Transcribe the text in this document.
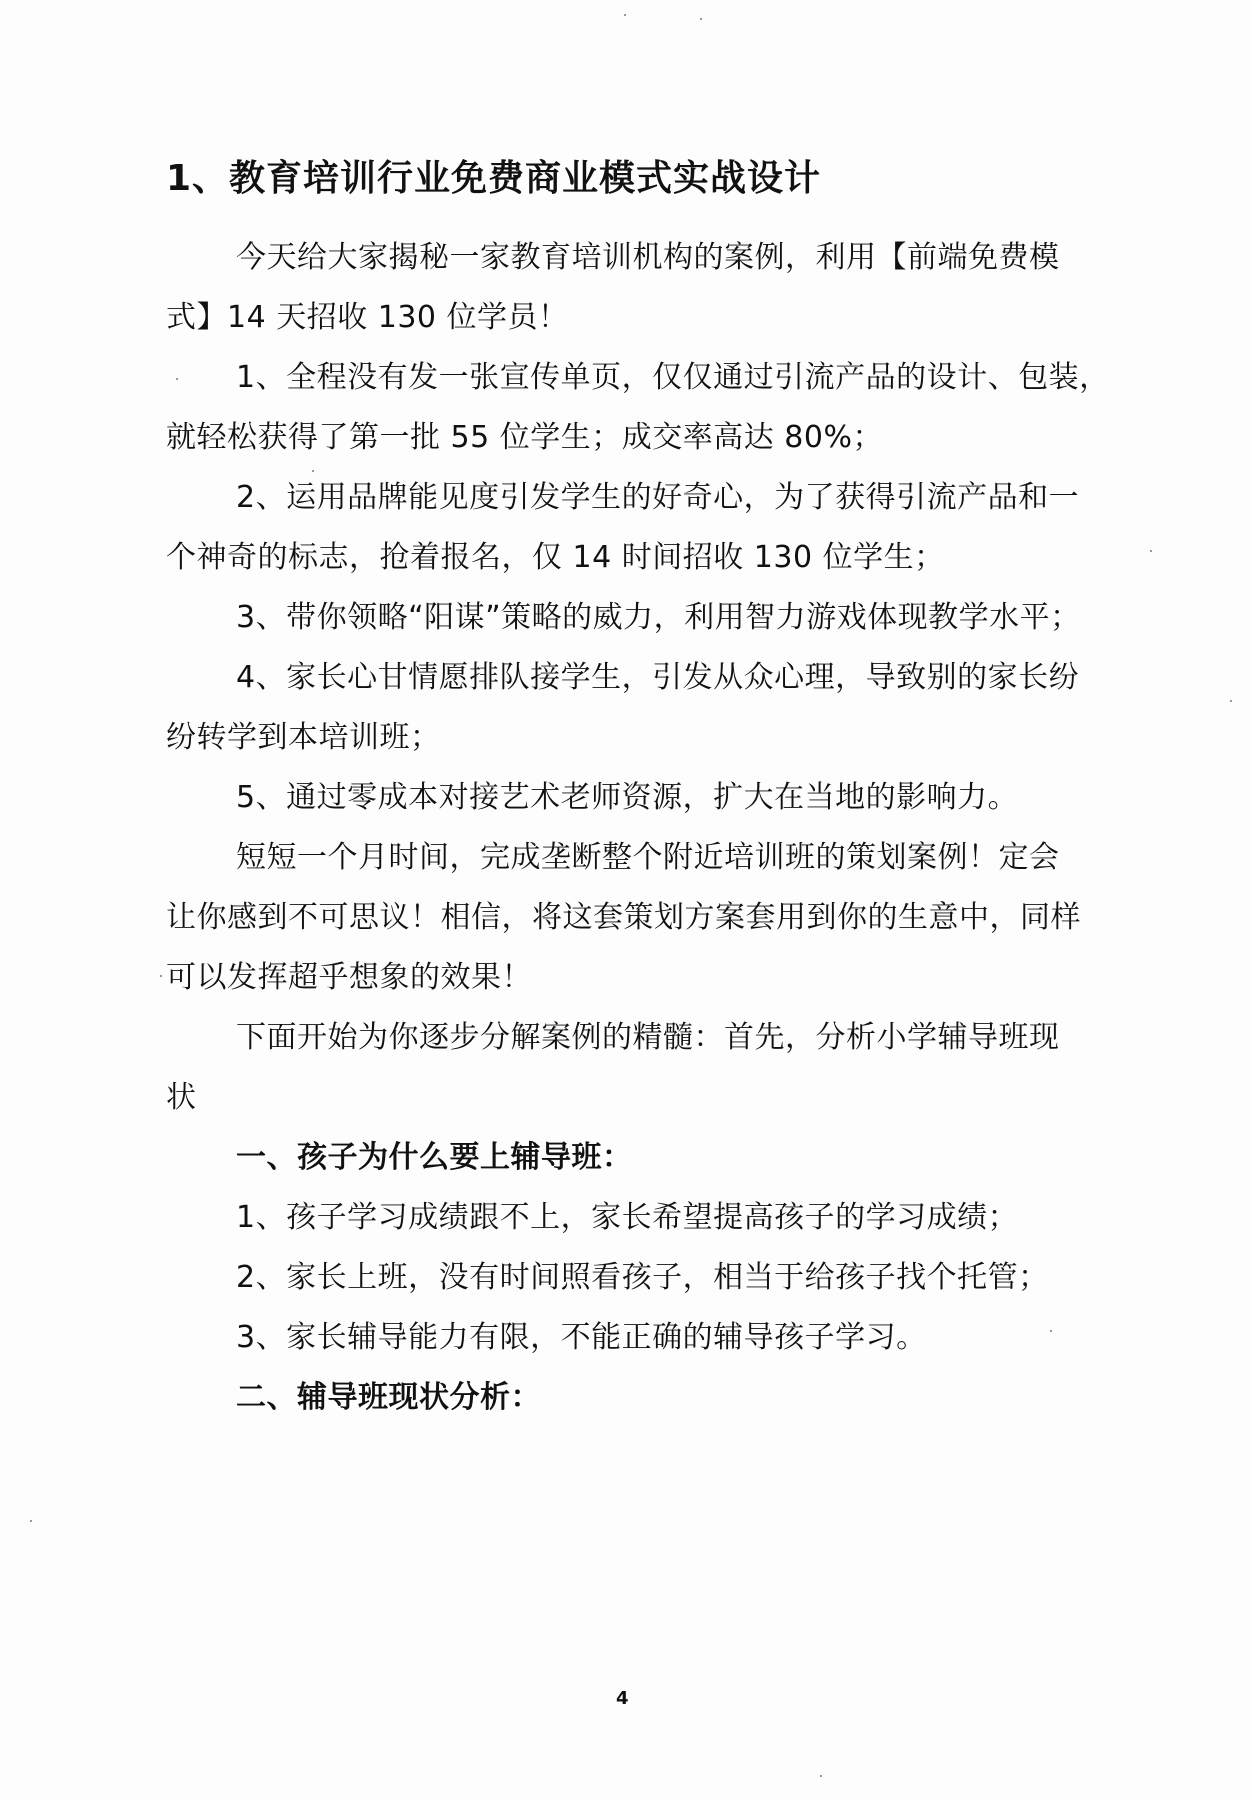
1、教育培训行业免费商业模式实战设计
今天给大家揭秘一家教育培训机构的案例，利用【前端免费模
式】14 天招收 130 位学员！
1、全程没有发一张宣传单页，仅仅通过引流产品的设计、包装，
就轻松获得了第一批 55 位学生；成交率高达 80%；
2、运用品牌能见度引发学生的好奇心，为了获得引流产品和一
个神奇的标志，抢着报名，仅 14 时间招收 130 位学生；
3、带你领略“阳谋”策略的威力，利用智力游戏体现教学水平；
4、家长心甘情愿排队接学生，引发从众心理，导致别的家长纷
纷转学到本培训班；
5、通过零成本对接艺术老师资源，扩大在当地的影响力。
短短一个月时间，完成垄断整个附近培训班的策划案例！定会
让你感到不可思议！相信，将这套策划方案套用到你的生意中，同样
可以发挥超乎想象的效果！
下面开始为你逐步分解案例的精髓：首先，分析小学辅导班现
状
一、孩子为什么要上辅导班：
1、孩子学习成绩跟不上，家长希望提高孩子的学习成绩；
2、家长上班，没有时间照看孩子，相当于给孩子找个托管；
3、家长辅导能力有限，不能正确的辅导孩子学习。
二、辅导班现状分析：
4
